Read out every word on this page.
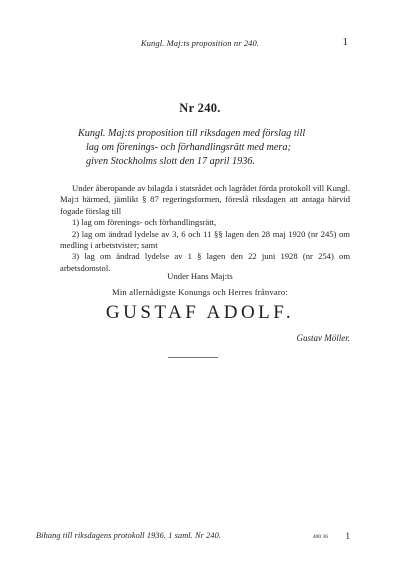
Kungl. Maj:ts proposition nr 240.	1
Nr 240.
Kungl. Maj:ts proposition till riksdagen med förslag till
lag om förenings- och förhandlingsrätt med mera;
given Stockholms slott den 17 april 1936.

Under åberopande av bilagda i statsrådet och lagrådet förda protokoll vill Kungl. Maj:t härmed, jämlikt § 87 regeringsformen, föreslå riksdagen att antaga härvid fogade förslag till

1) lag om förenings- och förhandlingsrätt,

2) lag om ändrad lydelse av 3, 6 och 11 §§ lagen den 28 maj 1920 (nr 245) om medling i arbetstvister; samt

3) lag om ändrad lydelse av 1 § lagen den 22 juni 1928 (nr 254) om arbetsdomstol.

Under Hans Maj:ts
Min allernådigste Konungs och Herres frånvaro:
GUSTAF ADOLF.
Gustav Möller.
Bihang till riksdagens protokoll 1936. 1 saml. Nr 240.	400 36 1
